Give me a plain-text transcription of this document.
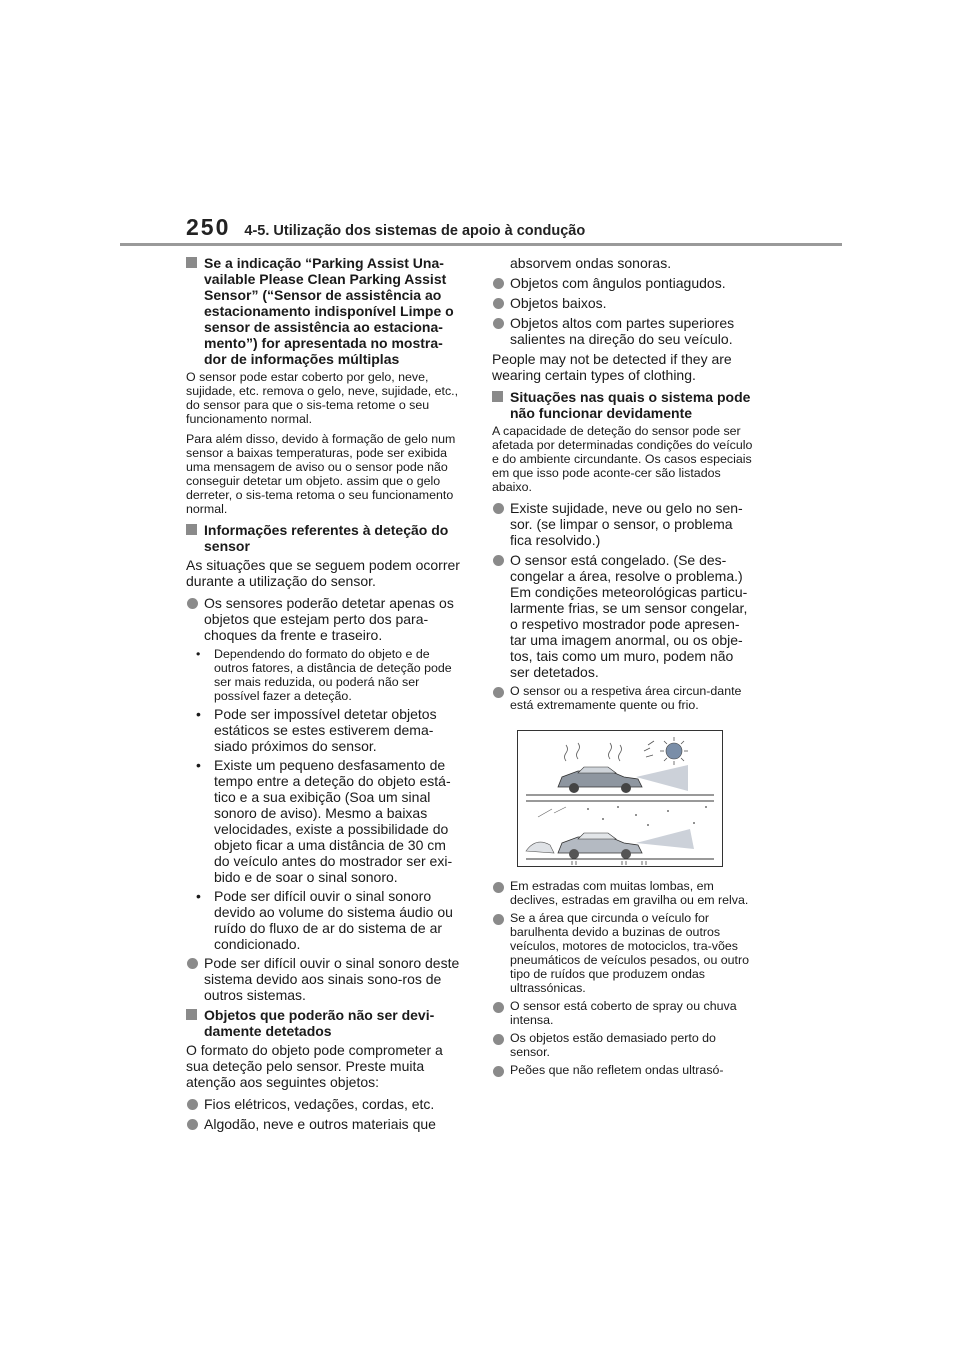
250 4-5. Utilização dos sistemas de apoio à condução
Se a indicação “Parking Assist Una-vailable Please Clean Parking Assist Sensor” (“Sensor de assistência ao estacionamento indisponível Limpe o sensor de assistência ao estaciona-mento”) for apresentada no mostra-dor de informações múltiplas
O sensor pode estar coberto por gelo, neve, sujidade, etc. remova o gelo, neve, sujidade, etc., do sensor para que o sis-tema retome o seu funcionamento normal.
Para além disso, devido à formação de gelo num sensor a baixas temperaturas, pode ser exibida uma mensagem de aviso ou o sensor pode não conseguir detetar um objeto. assim que o gelo derreter, o sis-tema retoma o seu funcionamento normal.
Informações referentes à deteção do sensor
As situações que se seguem podem ocorrer durante a utilização do sensor.
Os sensores poderão detetar apenas os objetos que estejam perto dos para-choques da frente e traseiro.
• Dependendo do formato do objeto e de outros fatores, a distância de deteção pode ser mais reduzida, ou poderá não ser possível fazer a deteção.
• Pode ser impossível detetar objetos estáticos se estes estiverem dema-siado próximos do sensor.
• Existe um pequeno desfasamento de tempo entre a deteção do objeto está-tico e a sua exibição (Soa um sinal sonoro de aviso). Mesmo a baixas velocidades, existe a possibilidade do objeto ficar a uma distância de 30 cm do veículo antes do mostrador ser exi-bido e de soar o sinal sonoro.
• Pode ser difícil ouvir o sinal sonoro devido ao volume do sistema áudio ou ruído do fluxo de ar do sistema de ar condicionado.
Pode ser difícil ouvir o sinal sonoro deste sistema devido aos sinais sono-ros de outros sistemas.
Objetos que poderão não ser devi-damente detetados
O formato do objeto pode comprometer a sua deteção pelo sensor. Preste muita atenção aos seguintes objetos:
Fios elétricos, vedações, cordas, etc.
Algodão, neve e outros materiais que
absorvem ondas sonoras.
Objetos com ângulos pontiagudos.
Objetos baixos.
Objetos altos com partes superiores salientes na direção do seu veículo.
People may not be detected if they are wearing certain types of clothing.
Situações nas quais o sistema pode não funcionar devidamente
A capacidade de deteção do sensor pode ser afetada por determinadas condições do veículo e do ambiente circundante. Os casos especiais em que isso pode aconte-cer são listados abaixo.
Existe sujidade, neve ou gelo no sen-sor. (se limpar o sensor, o problema fica resolvido.)
O sensor está congelado. (Se des-congelar a área, resolve o problema.) Em condições meteorológicas particu-larmente frias, se um sensor congelar, o respetivo mostrador pode apresen-tar uma imagem anormal, ou os obje-tos, tais como um muro, podem não ser detetados.
O sensor ou a respetiva área circun-dante está extremamente quente ou frio.
Em estradas com muitas lombas, em declives, estradas em gravilha ou em relva.
Se a área que circunda o veículo for barulhenta devido a buzinas de outros veículos, motores de motociclos, tra-vões pneumáticos de veículos pesados, ou outro tipo de ruídos que produzem ondas ultrassónicas.
O sensor está coberto de spray ou chuva intensa.
Os objetos estão demasiado perto do sensor.
Peões que não refletem ondas ultrasó-
